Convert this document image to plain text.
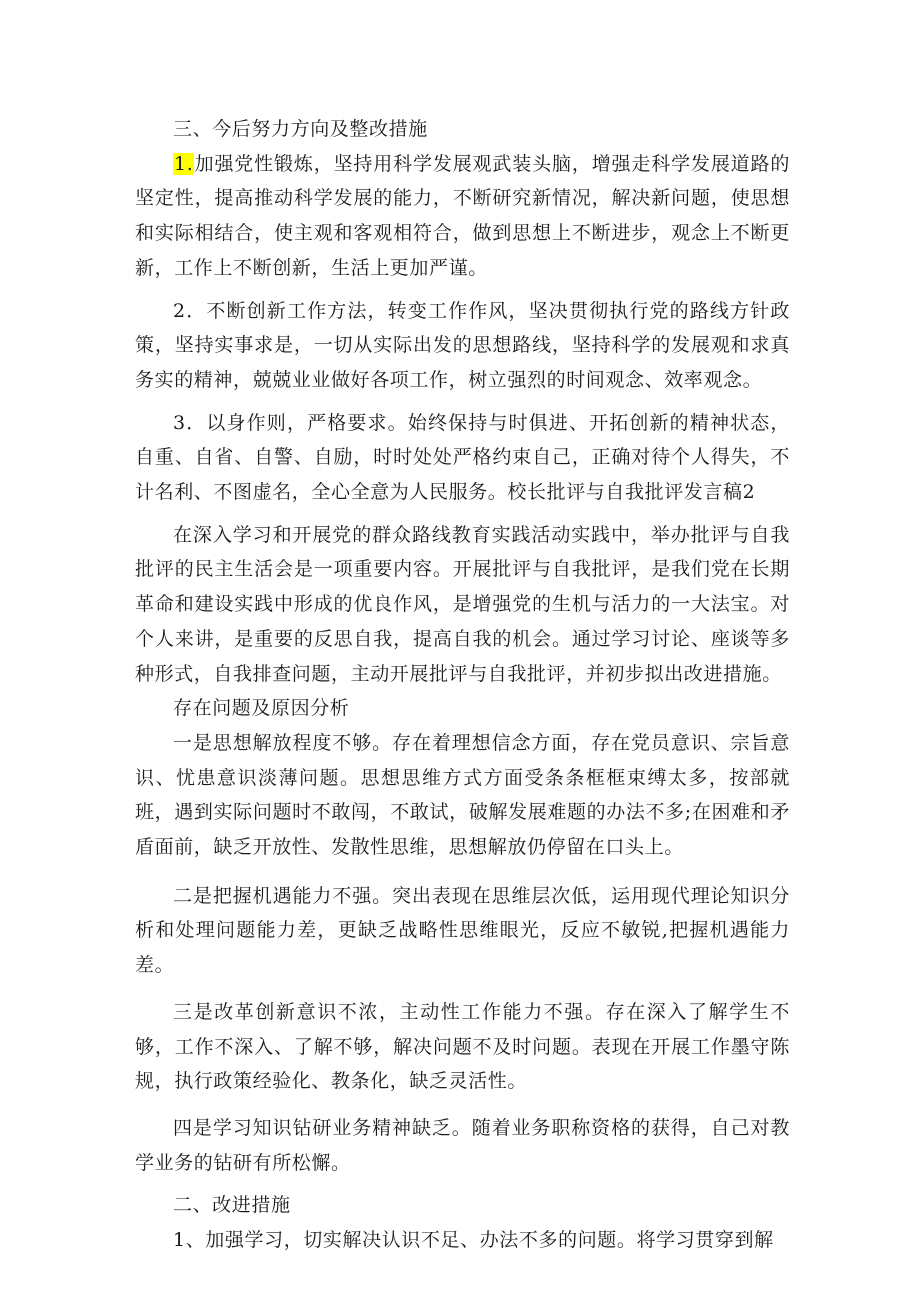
三、今后努力方向及整改措施

1.加强党性锻炼，坚持用科学发展观武装头脑，增强走科学发展道路的坚定性，提高推动科学发展的能力，不断研究新情况，解决新问题，使思想和实际相结合，使主观和客观相符合，做到思想上不断进步，观念上不断更新，工作上不断创新，生活上更加严谨。

2．不断创新工作方法，转变工作作风，坚决贯彻执行党的路线方针政策，坚持实事求是，一切从实际出发的思想路线，坚持科学的发展观和求真务实的精神，兢兢业业做好各项工作，树立强烈的时间观念、效率观念。

3．以身作则，严格要求。始终保持与时俱进、开拓创新的精神状态，自重、自省、自警、自励，时时处处严格约束自己，正确对待个人得失，不计名利、不图虚名，全心全意为人民服务。校长批评与自我批评发言稿2

在深入学习和开展党的群众路线教育实践活动实践中，举办批评与自我批评的民主生活会是一项重要内容。开展批评与自我批评，是我们党在长期革命和建设实践中形成的优良作风，是增强党的生机与活力的一大法宝。对个人来讲，是重要的反思自我，提高自我的机会。通过学习讨论、座谈等多种形式，自我排查问题，主动开展批评与自我批评，并初步拟出改进措施。

存在问题及原因分析

一是思想解放程度不够。存在着理想信念方面，存在党员意识、宗旨意识、忧患意识淡薄问题。思想思维方式方面受条条框框束缚太多，按部就班，遇到实际问题时不敢闯，不敢试，破解发展难题的办法不多;在困难和矛盾面前，缺乏开放性、发散性思维，思想解放仍停留在口头上。

二是把握机遇能力不强。突出表现在思维层次低，运用现代理论知识分析和处理问题能力差，更缺乏战略性思维眼光，反应不敏锐,把握机遇能力差。

三是改革创新意识不浓，主动性工作能力不强。存在深入了解学生不够，工作不深入、了解不够，解决问题不及时问题。表现在开展工作墨守陈规，执行政策经验化、教条化，缺乏灵活性。

四是学习知识钻研业务精神缺乏。随着业务职称资格的获得，自己对教学业务的钻研有所松懈。

二、改进措施

1、加强学习，切实解决认识不足、办法不多的问题。将学习贯穿到解
